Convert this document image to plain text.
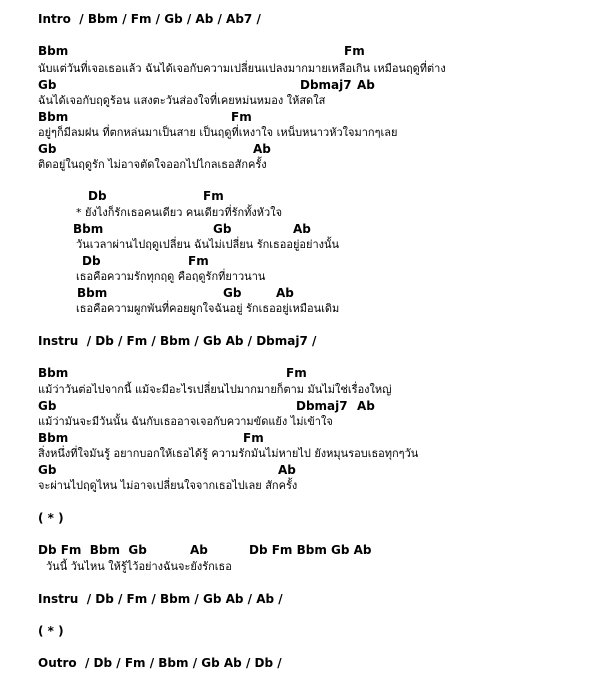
Intro  / Bbm / Fm / Gb / Ab / Ab7 /
Bbm	Fm
นับแต่วันที่เจอเธอแล้ว ฉันได้เจอกับความเปลี่ยนแปลงมากมายเหลือเกิน เหมือนฤดูที่ต่าง
Gb	Dbmaj7 Ab
ฉันได้เจอกับฤดูร้อน แสงตะวันส่องใจที่เคยหม่นหมอง ให้สดใส
Bbm	Fm
อยู่ๆก็มีลมฝน ที่ตกหล่นมาเป็นสาย เป็นฤดูที่เหงาใจ เหน็บหนาวหัวใจมากๆเลย
Gb	Ab
ติดอยู่ในฤดูรัก ไม่อาจตัดใจออกไปไกลเธอสักครั้ง
Db	Fm
* ยังไงก็รักเธอคนเดียว คนเดียวที่รักทั้งหัวใจ
Bbm	Gb	Ab
วันเวลาผ่านไปฤดูเปลี่ยน ฉันไม่เปลี่ยน รักเธออยู่อย่างนั้น
Db	Fm
เธอคือความรักทุกฤดู คือฤดูรักที่ยาวนาน
Bbm	Gb	Ab
เธอคือความผูกพันที่คอยผูกใจฉันอยู่ รักเธออยู่เหมือนเดิม
Instru  / Db / Fm / Bbm / Gb Ab / Dbmaj7 /
Bbm	Fm
แม้ว่าวันต่อไปจากนี้ แม้จะมีอะไรเปลี่ยนไปมากมายก็ตาม มันไม่ใช่เรื่องใหญ่
Gb	Dbmaj7 Ab
แม้ว่ามันจะมีวันนั้น ฉันกับเธออาจเจอกับความขัดแย้ง ไม่เข้าใจ
Bbm	Fm
สิ่งหนึ่งที่ใจมันรู้ อยากบอกให้เธอได้รู้ ความรักมันไม่หายไป ยังหมุนรอบเธอทุกๆวัน
Gb	Ab
จะผ่านไปฤดูไหน ไม่อาจเปลี่ยนใจจากเธอไปเลย สักครั้ง
( * )
Db Fm  Bbm  Gb	Ab	Db Fm Bbm Gb Ab
วันนี้ วันไหน ให้รู้ไว้อย่างฉันจะยังรักเธอ
Instru  / Db / Fm / Bbm / Gb Ab / Ab /
( * )
Outro  / Db / Fm / Bbm / Gb Ab / Db /
